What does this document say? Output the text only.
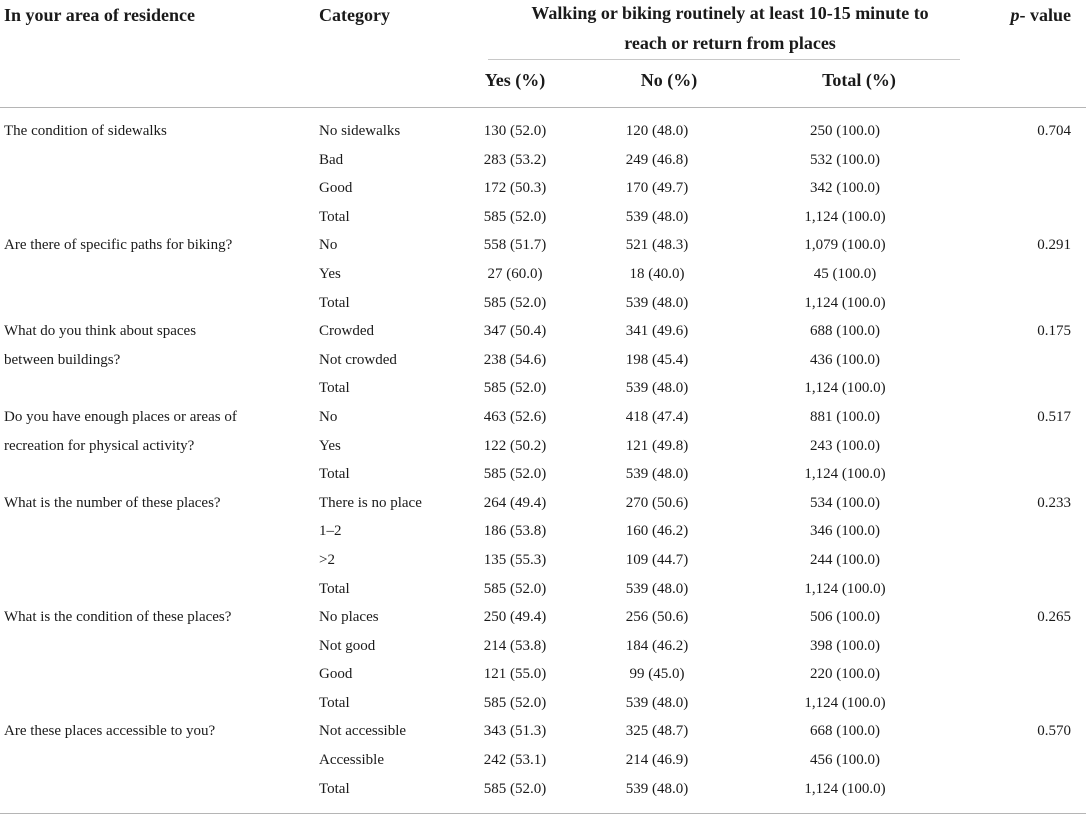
In your area of residence	Category	Walking or biking routinely at least 10-15 minute to reach or return from places
p- value
Yes (%)	No (%)	Total (%)
The condition of sidewalks	No sidewalks	130 (52.0)	120 (48.0)	250 (100.0)	0.704
Bad	283 (53.2)	249 (46.8)	532 (100.0)
Good	172 (50.3)	170 (49.7)	342 (100.0)
Total	585 (52.0)	539 (48.0)	1,124 (100.0)
Are there of specific paths for biking?	No	558 (51.7)	521 (48.3)	1,079 (100.0)	0.291
Yes	27 (60.0)	18 (40.0)	45 (100.0)
Total	585 (52.0)	539 (48.0)	1,124 (100.0)
What do you think about spaces	Crowded	347 (50.4)	341 (49.6)	688 (100.0)	0.175
between buildings?	Not crowded	238 (54.6)	198 (45.4)	436 (100.0)
Total	585 (52.0)	539 (48.0)	1,124 (100.0)
Do you have enough places or areas of	No	463 (52.6)	418 (47.4)	881 (100.0)	0.517
recreation for physical activity?	Yes	122 (50.2)	121 (49.8)	243 (100.0)
Total	585 (52.0)	539 (48.0)	1,124 (100.0)
What is the number of these places?	There is no place	264 (49.4)	270 (50.6)	534 (100.0)	0.233
1–2	186 (53.8)	160 (46.2)	346 (100.0)
>2	135 (55.3)	109 (44.7)	244 (100.0)
Total	585 (52.0)	539 (48.0)	1,124 (100.0)
What is the condition of these places?	No places	250 (49.4)	256 (50.6)	506 (100.0)	0.265
Not good	214 (53.8)	184 (46.2)	398 (100.0)
Good	121 (55.0)	99 (45.0)	220 (100.0)
Total	585 (52.0)	539 (48.0)	1,124 (100.0)
Are these places accessible to you?	Not accessible	343 (51.3)	325 (48.7)	668 (100.0)	0.570
Accessible	242 (53.1)	214 (46.9)	456 (100.0)
Total	585 (52.0)	539 (48.0)	1,124 (100.0)
